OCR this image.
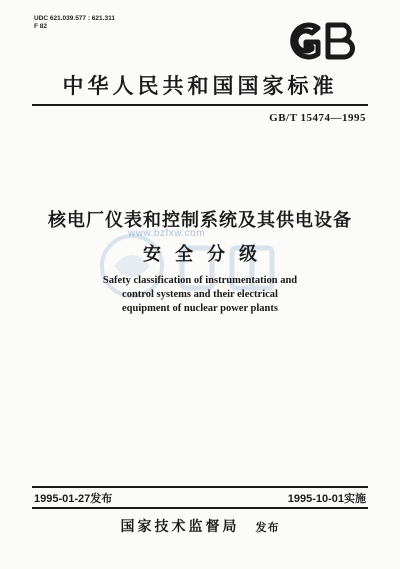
UDC 621.039.577 : 621.311
F 82
中华人民共和国国家标准
GB/T 15474—1995
www.bzfxw.com
核电厂仪表和控制系统及其供电设备
安全分级
Safety classification of instrumentation and
control systems and their electrical
equipment of nuclear power plants
1995-01-27发布	1995-10-01实施
国家技术监督局 发布
